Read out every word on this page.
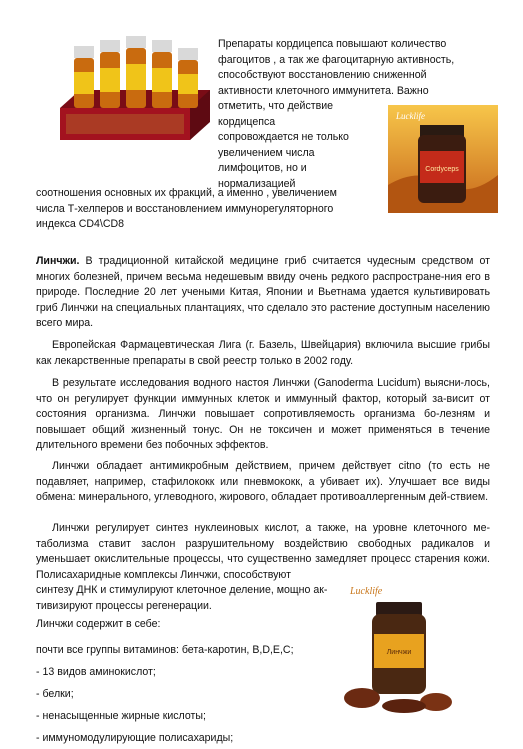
Препараты кордицепса повышают количество
фагоцитов , а так же фагоцитарную активность,
способствуют восстановлению сниженной
активности клеточного иммунитета. Важно
отметить, что действие
кордицепса
сопровождается не только
увеличением числа
лимфоцитов, но и
нормализацией
Cordyceps
Lucklife
соотношения основных их фракций, а именно , увеличением
числа Т-хелперов и восстановлением иммунорегуляторного
индекса CD4\CD8

Линчжи. В традиционной китайской медицине гриб считается чудесным средством от многих болезней, причем весьма недешевым ввиду очень редкого распростране-ния его в природе. Последние 20 лет учеными Китая, Японии и Вьетнама удается культивировать гриб Линчжи на специальных плантациях, что сделало это растение доступным населению всего мира.

Европейская Фармацевтическая Лига (г. Базель, Швейцария) включила высшие грибы как лекарственные препараты в свой реестр только в 2002 году.

В результате исследования водного настоя Линчжи (Ganoderma Lucidum) выясни-лось, что он регулирует функции иммунных клеток и иммунный фактор, который за-висит от состояния организма. Линчжи повышает сопротивляемость организма бо-лезням и повышает общий жизненный тонус. Он не токсичен и может применяться в течение длительного времени без побочных эффектов.

Линчжи обладает антимикробным действием, причем действует citno (то есть не подавляет, например, стафилококк или пневмококк, а убивает их). Улучшает все виды обмена: минерального, углеводного, жирового, обладает противоаллергенным дей-ствием.

Линчжи регулирует синтез нуклеиновых кислот, а также, на уровне клеточного ме-таболизма ставит заслон разрушительному воздействию свободных радикалов и уменьшает окислительные процессы, что существенно замедляет процесс старения кожи. Полисахаридные комплексы Линчжи, способствуют

синтезу ДНК и стимулируют клеточное деление, мощно ак-
тивизируют процессы регенерации.
Линчжи содержит в себе:
почти все группы витаминов: бета-каротин, B,D,E,C;
- 13 видов аминокислот;
- белки;
- ненасыщенные жирные кислоты;
- иммуномодулирующие полисахариды;
Lucklife
Линчжи
